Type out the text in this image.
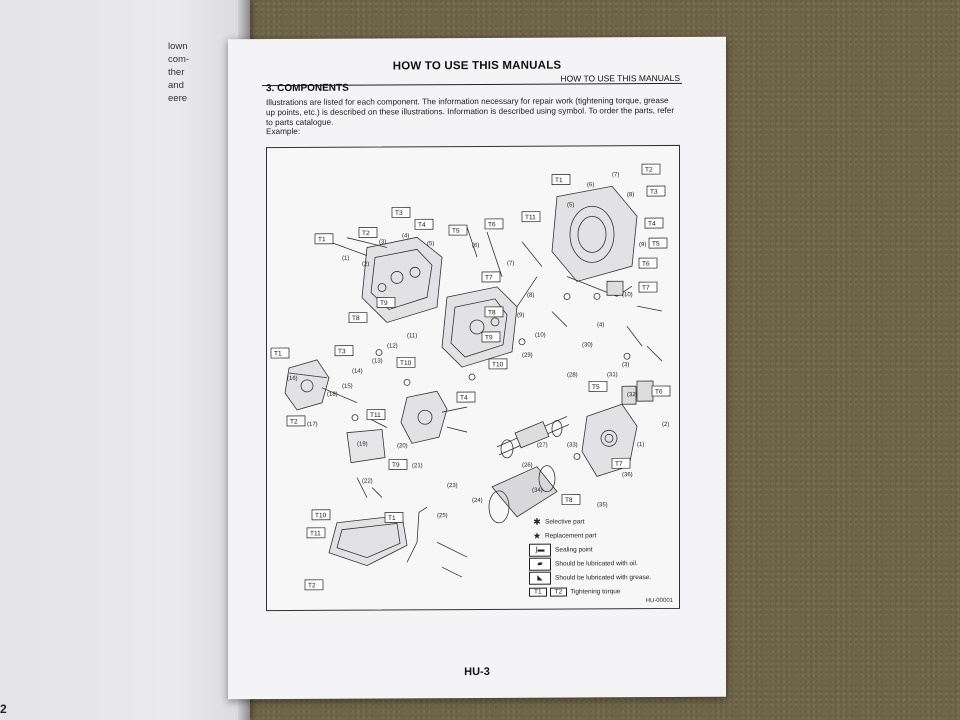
lown
com-
ther
and
eere
2
HOW TO USE THIS MANUALS
HOW TO USE THIS MANUALS
3. COMPONENTS
Illustrations are listed for each component. The information necessary for repair work (tightening torque, grease up points, etc.) is described on these illustrations. Information is described using symbol. To order the parts, refer to parts catalogue.
Example:
T1
T2
T3
T4
T5
T6
T7
T8
T9
T10
T11
T1
T2
T3
T4
T5
T6
T7
T8
T9
T10
T11
T1
T2
T3
T4
T5
T6
T7
T8
T9
T10
T11
T1
T2
(1)
(2)
(3)
(4)
(5)	(6)
(7)
(8)
(9)
(10)
(11)
(12)
(13)
(14)
(15)
(16)
(17)
(18)
(19)	(20)
(21)
(22)
(23)
(24)
(25)
(26)
(27)
(28)
(29)
(30)
(31)
(32)
(33)
(34)
(35)
(36)
(1)
(2)
(3)
(4)
(5)
(6)
(7)
(8)
(9)
(10)
✱ Selective part
★ Replacement part
∫▬	Sealing point
▰	Should be lubricated with oil.
◣	Should be lubricated with grease.
T1	T2	Tightening torque
HU-00001
HU-3
